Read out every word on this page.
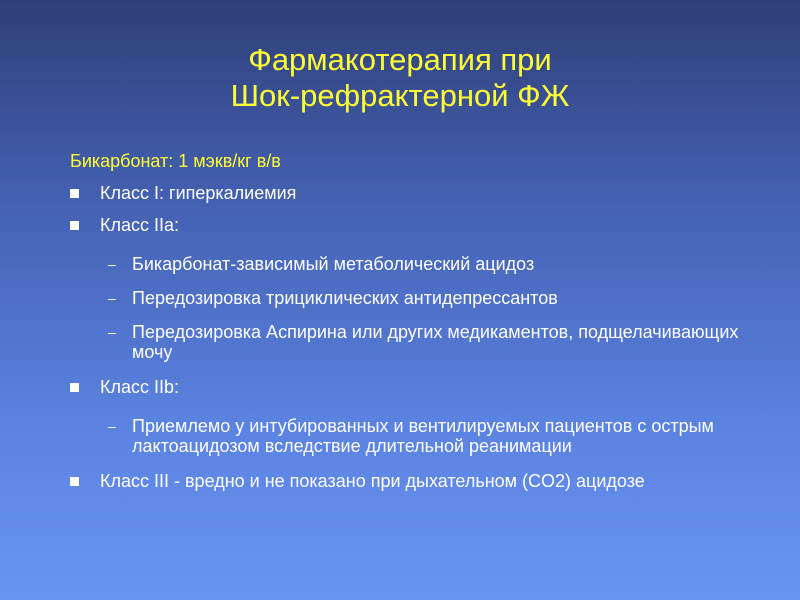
Фармакотерапия при
Шок-рефрактерной ФЖ
Бикарбонат: 1 мэкв/кг в/в
Класс I: гиперкалиемия
Класс IIa:
– Бикарбонат-зависимый метаболический ацидоз
– Передозировка трициклических антидепрессантов
– Передозировка Аспирина или других медикаментов, подщелачивающих мочу
Класс IIb:
– Приемлемо у интубированных и вентилируемых пациентов с острым лактоацидозом вследствие длительной реанимации
Класс III - вредно и не показано при дыхательном (CO2) ацидозе
